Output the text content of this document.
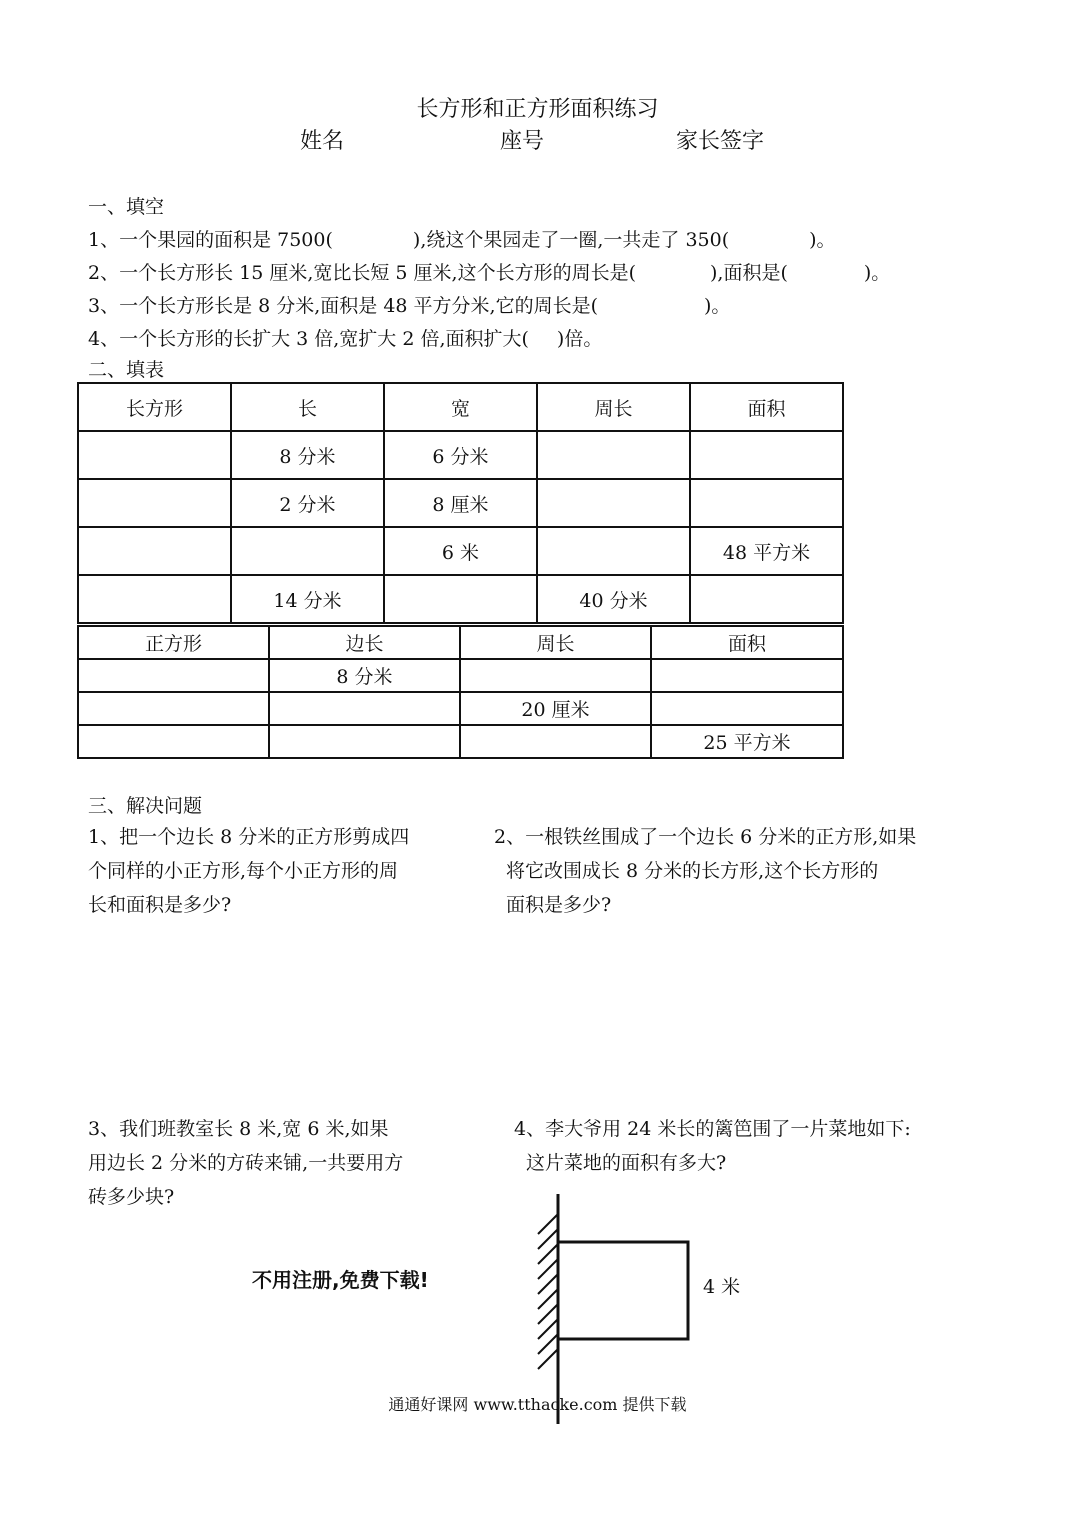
长方形和正方形面积练习
姓名	座号	家长签字
一、填空
1、一个果园的面积是 7500(	),绕这个果园走了一圈,一共走了 350(	)。
2、一个长方形长 15 厘米,宽比长短 5 厘米,这个长方形的周长是(	),面积是(	)。
3、一个长方形长是 8 分米,面积是 48 平方分米,它的周长是(	)。
4、一个长方形的长扩大 3 倍,宽扩大 2 倍,面积扩大( )倍。
二、填表
长方形	长	宽	周长	面积
	8 分米	6 分米		
	2 分米	8 厘米		
		6 米		48 平方米
	14 分米		40 分米	
正方形	边长	周长	面积
	8 分米		
		20 厘米	
			25 平方米
三、解决问题
1、把一个边长 8 分米的正方形剪成四
个同样的小正方形,每个小正方形的周
长和面积是多少?
2、一根铁丝围成了一个边长 6 分米的正方形,如果
将它改围成长 8 分米的长方形,这个长方形的
面积是多少?
3、我们班教室长 8 米,宽 6 米,如果
用边长 2 分米的方砖来铺,一共要用方
砖多少块?
4、李大爷用 24 米长的篱笆围了一片菜地如下:
这片菜地的面积有多大?
不用注册,免费下载!	4 米
通通好课网 www.tthacke.com 提供下载
